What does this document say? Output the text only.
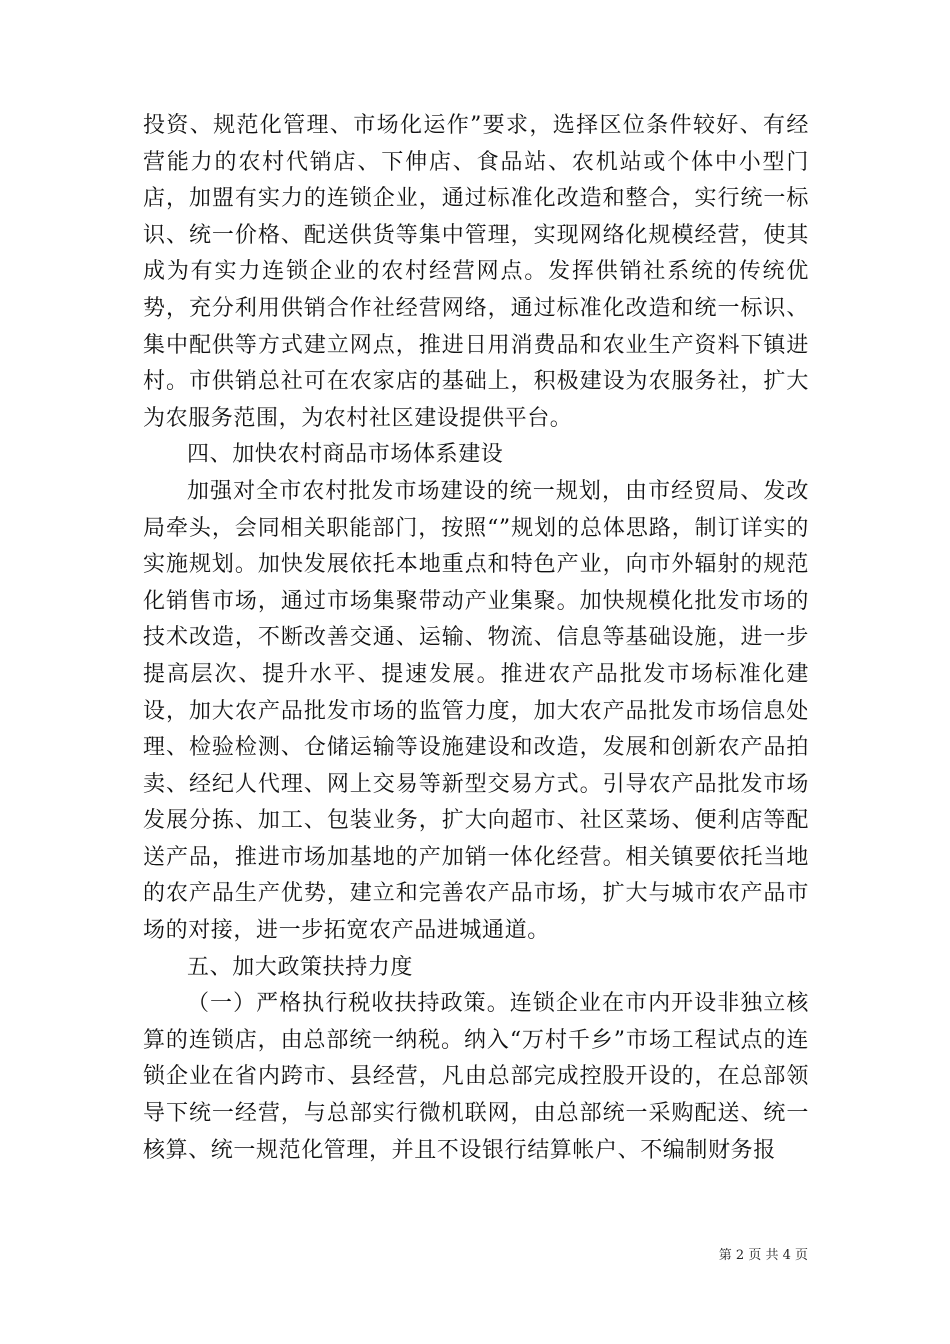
投资、规范化管理、市场化运作”要求，选择区位条件较好、有经营能力的农村代销店、下伸店、食品站、农机站或个体中小型门店，加盟有实力的连锁企业，通过标准化改造和整合，实行统一标识、统一价格、配送供货等集中管理，实现网络化规模经营，使其成为有实力连锁企业的农村经营网点。发挥供销社系统的传统优势，充分利用供销合作社经营网络，通过标准化改造和统一标识、集中配供等方式建立网点，推进日用消费品和农业生产资料下镇进村。市供销总社可在农家店的基础上，积极建设为农服务社，扩大为农服务范围，为农村社区建设提供平台。

四、加快农村商品市场体系建设

加强对全市农村批发市场建设的统一规划，由市经贸局、发改局牵头，会同相关职能部门，按照“”规划的总体思路，制订详实的实施规划。加快发展依托本地重点和特色产业，向市外辐射的规范化销售市场，通过市场集聚带动产业集聚。加快规模化批发市场的技术改造，不断改善交通、运输、物流、信息等基础设施，进一步提高层次、提升水平、提速发展。推进农产品批发市场标准化建设，加大农产品批发市场的监管力度，加大农产品批发市场信息处理、检验检测、仓储运输等设施建设和改造，发展和创新农产品拍卖、经纪人代理、网上交易等新型交易方式。引导农产品批发市场发展分拣、加工、包装业务，扩大向超市、社区菜场、便利店等配送产品，推进市场加基地的产加销一体化经营。相关镇要依托当地的农产品生产优势，建立和完善农产品市场，扩大与城市农产品市场的对接，进一步拓宽农产品进城通道。

五、加大政策扶持力度

（一）严格执行税收扶持政策。连锁企业在市内开设非独立核算的连锁店，由总部统一纳税。纳入“万村千乡”市场工程试点的连锁企业在省内跨市、县经营，凡由总部完成控股开设的，在总部领导下统一经营，与总部实行微机联网，由总部统一采购配送、统一核算、统一规范化管理，并且不设银行结算帐户、不编制财务报

第 2 页 共 4 页
